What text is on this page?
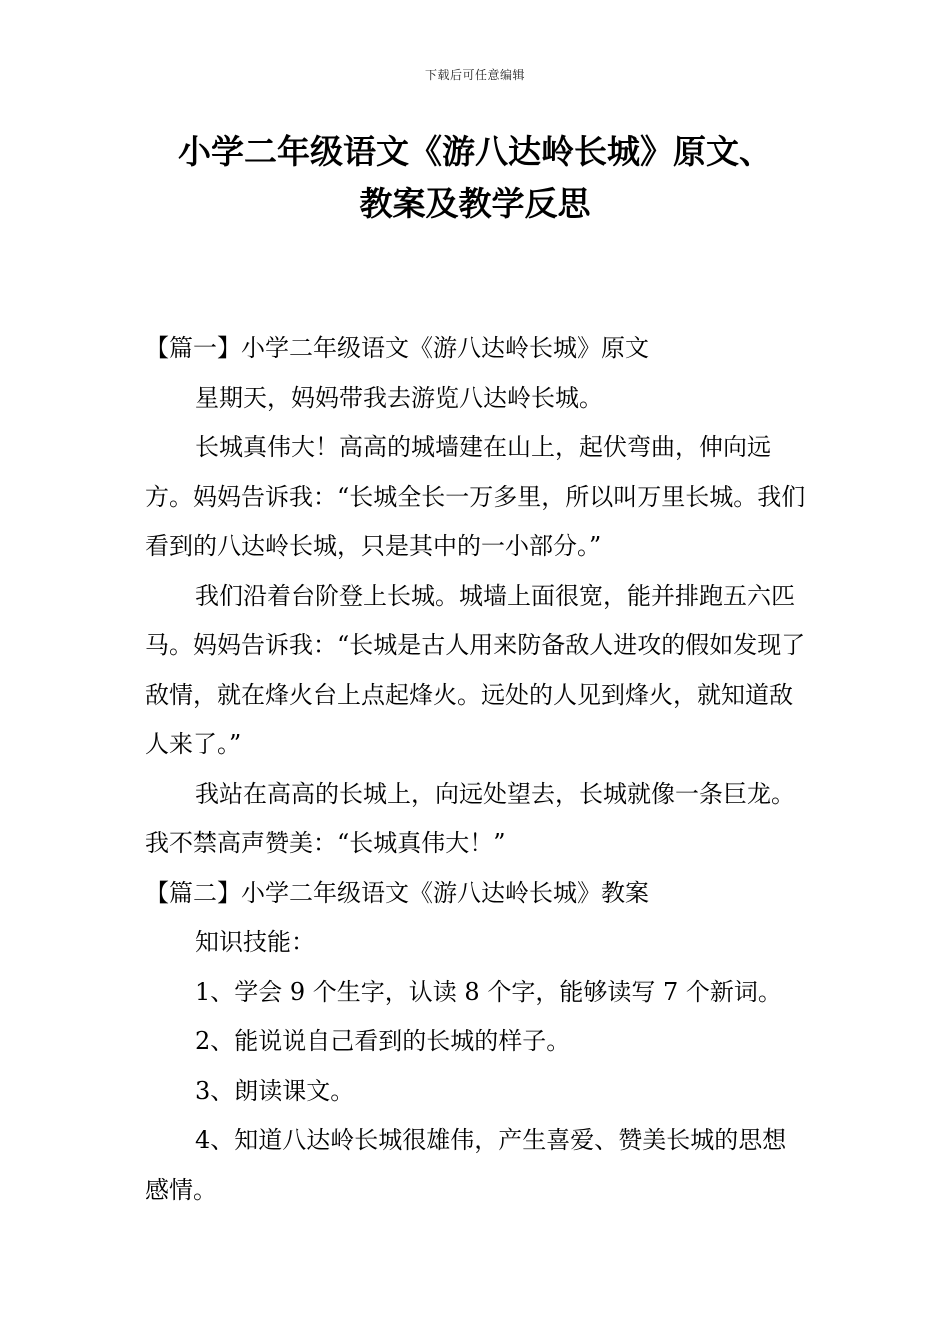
下载后可任意编辑
小学二年级语文《游八达岭长城》原文、
教案及教学反思

【篇一】小学二年级语文《游八达岭长城》原文

星期天，妈妈带我去游览八达岭长城。

长城真伟大！高高的城墙建在山上，起伏弯曲，伸向远方。妈妈告诉我：“长城全长一万多里，所以叫万里长城。我们看到的八达岭长城，只是其中的一小部分。”

我们沿着台阶登上长城。城墙上面很宽，能并排跑五六匹马。妈妈告诉我：“长城是古人用来防备敌人进攻的假如发现了敌情，就在烽火台上点起烽火。远处的人见到烽火，就知道敌人来了。”

我站在高高的长城上，向远处望去，长城就像一条巨龙。我不禁高声赞美：“长城真伟大！”

【篇二】小学二年级语文《游八达岭长城》教案

知识技能：

1、学会 9 个生字，认读 8 个字，能够读写 7 个新词。

2、能说说自己看到的长城的样子。

3、朗读课文。

4、知道八达岭长城很雄伟，产生喜爱、赞美长城的思想感情。
